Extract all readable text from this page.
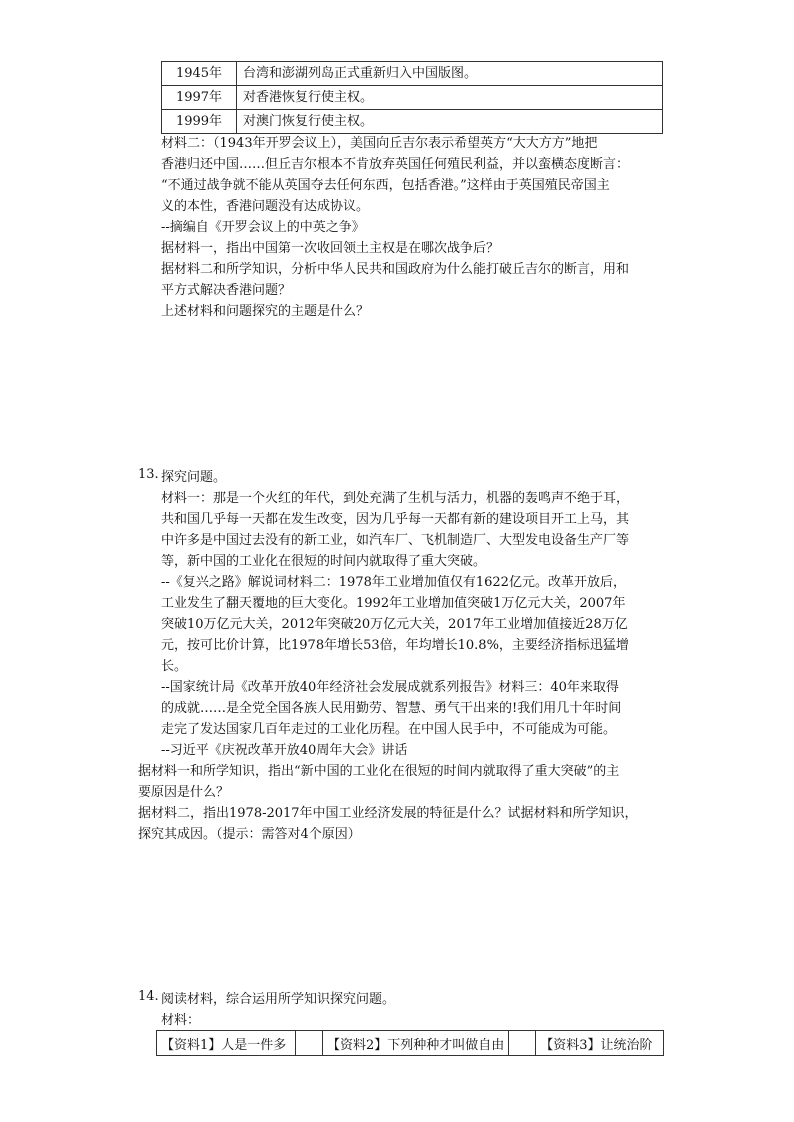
1945年	台湾和澎湖列岛正式重新归入中国版图。
1997年	对香港恢复行使主权。
1999年	对澳门恢复行使主权。
材料二：（1943年开罗会议上），美国向丘吉尔表示希望英方“大大方方”地把
香港归还中国……但丘吉尔根本不肯放弃英国任何殖民利益，并以蛮横态度断言：
“不通过战争就不能从英国夺去任何东西，包括香港。”这样由于英国殖民帝国主
义的本性，香港问题没有达成协议。
--摘编自《开罗会议上的中英之争》
据材料一，指出中国第一次收回领土主权是在哪次战争后？
据材料二和所学知识，分析中华人民共和国政府为什么能打破丘吉尔的断言，用和
平方式解决香港问题？
上述材料和问题探究的主题是什么？
13. 探究问题。
材料一：那是一个火红的年代，到处充满了生机与活力，机器的轰鸣声不绝于耳，
共和国几乎每一天都在发生改变，因为几乎每一天都有新的建设项目开工上马，其
中许多是中国过去没有的新工业，如汽车厂、飞机制造厂、大型发电设备生产厂等
等，新中国的工业化在很短的时间内就取得了重大突破。
--《复兴之路》解说词材料二：1978年工业增加值仅有1622亿元。改革开放后，
工业发生了翻天覆地的巨大变化。1992年工业增加值突破1万亿元大关，2007年
突破10万亿元大关，2012年突破20万亿元大关，2017年工业增加值接近28万亿
元，按可比价计算，比1978年增长53倍，年均增长10.8%，主要经济指标迅猛增
长。
--国家统计局《改革开放40年经济社会发展成就系列报告》材料三：40年来取得
的成就……是全党全国各族人民用勤劳、智慧、勇气干出来的!我们用几十年时间
走完了发达国家几百年走过的工业化历程。在中国人民手中，不可能成为可能。
--习近平《庆祝改革开放40周年大会》讲话
据材料一和所学知识，指出“新中国的工业化在很短的时间内就取得了重大突破”的主
要原因是什么？
据材料二，指出1978-2017年中国工业经济发展的特征是什么？试据材料和所学知识，
探究其成因。（提示：需答对4个原因）
14. 阅读材料，综合运用所学知识探究问题。
材料：
【资料1】人是一件多		【资料2】下列种种才叫做自由		【资料3】让统治阶
